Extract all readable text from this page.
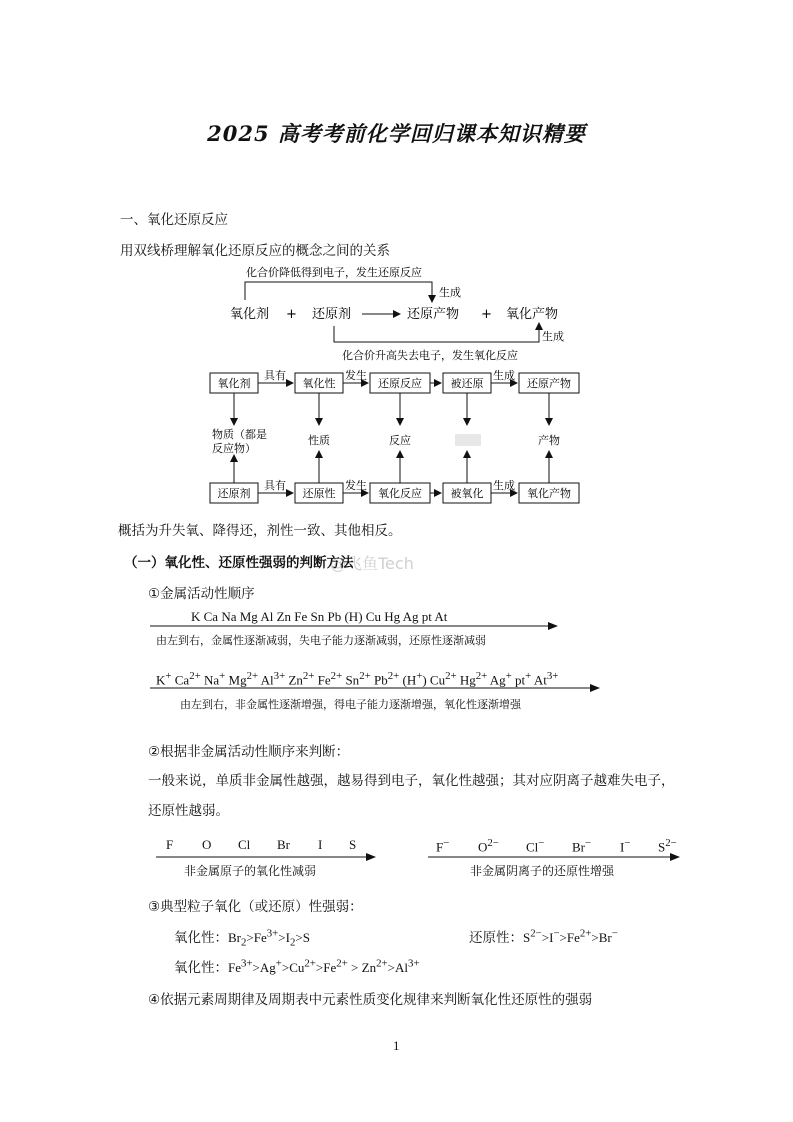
2025 高考考前化学回归课本知识精要
一、氧化还原反应
用双线桥理解氧化还原反应的概念之间的关系
化合价降低得到电子，发生还原反应
生成
氧化剂 + 还原剂	还原产物 + 氧化产物
生成
化合价升高失去电子，发生氧化反应
氧化剂	氧化性	还原反应	被还原	还原产物
具有	发生	生成
物质（都是
反应物）
性质	反应	产物
还原剂	还原性	氧化反应	被氧化	氧化产物
具有	发生	生成
概括为升失氧、降得还，剂性一致、其他相反。
（一）氧化性、还原性强弱的判断方法
@飞鱼Tech
①金属活动性顺序
K Ca Na Mg Al Zn Fe Sn Pb (H) Cu Hg Ag pt At
由左到右，金属性逐渐减弱，失电子能力逐渐减弱，还原性逐渐减弱
K+ $Ca^{2+}$ Na+ $Mg^{2+}$ $Al^{3+}$ $Zn^{2+}$ $Fe^{2+}$ $Sn^{2+}$ $Pb^{2+}$ (H+) $Cu^{2+}$ $Hg^{2+}$ Ag+ pt+ $At^{3+}$
由左到右，非金属性逐渐增强，得电子能力逐渐增强，氧化性逐渐增强
②根据非金属活动性顺序来判断：
一般来说，单质非金属性越强，越易得到电子，氧化性越强；其对应阴离子越难失电子，
还原性越弱。
F O Cl Br I S
非金属原子的氧化性减弱
F− $O^{2-}$ Cl− Br− I− $S^{2-}$
非金属阴离子的还原性增强
③典型粒子氧化（或还原）性强弱：
氧化性：$Br_2>Fe^{3+}>I_2>S$	还原性：$S^{2-}>I^->Fe^{2+}>Br^-$
氧化性：$Fe^{3+}>Ag^+>Cu^{2+}>Fe^{2+} > Zn^{2+}>Al^{3+}$
④依据元素周期律及周期表中元素性质变化规律来判断氧化性还原性的强弱
1
